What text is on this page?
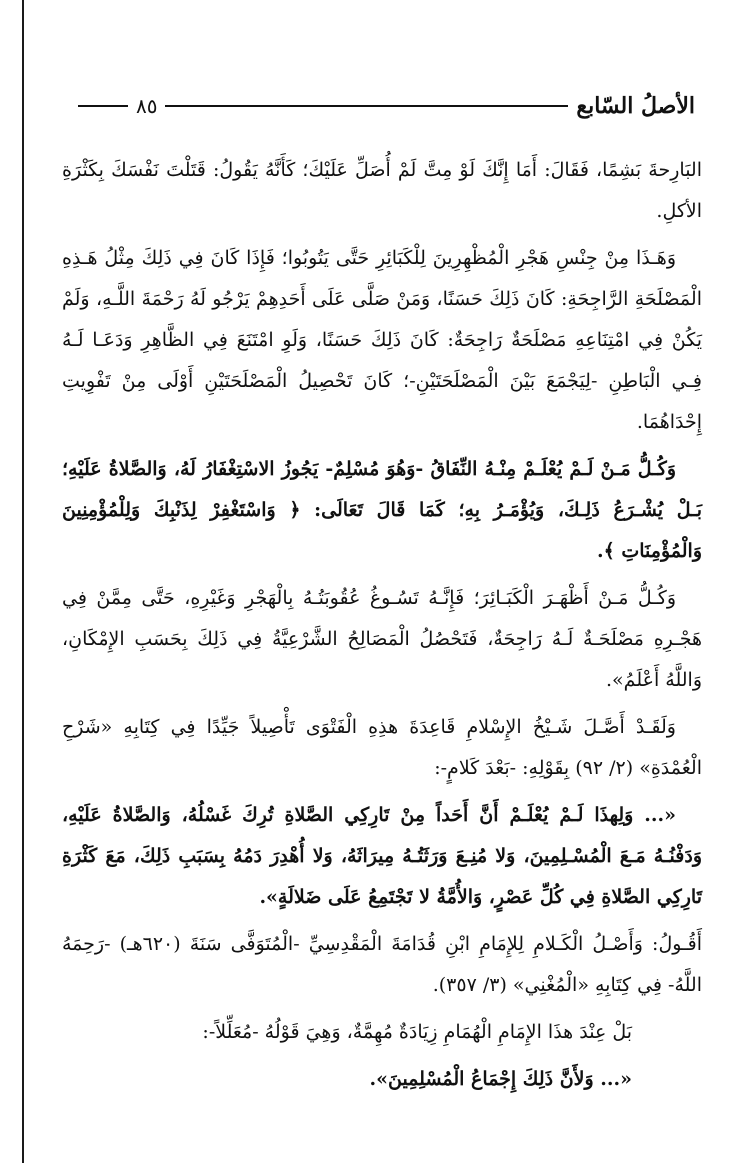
الأصلُ السّابع
٨٥

البَارِحةَ بَشِمًا، فَقَالَ: أَمَا إِنَّكَ لَوْ مِتَّ لَمْ أُصَلِّ عَلَيْكَ؛ كَأَنَّهُ يَقُولُ: قَتَلْتَ نَفْسَكَ بِكَثْرَةِ الأكلِ.

وَهَـذَا مِنْ جِنْسِ هَجْرِ الْمُظْهِرِينَ لِلْكَبَائِرِ حَتَّى يَتُوبُوا؛ فَإِذَا كَانَ فِي ذَلِكَ مِثْلُ هَـذِهِ الْمَصْلَحَةِ الرَّاجِحَةِ: كَانَ ذَلِكَ حَسَنًا، وَمَنْ صَلَّى عَلَى أَحَدِهِمْ يَرْجُو لَهُ رَحْمَةَ اللَّـهِ، وَلَمْ يَكُنْ فِي امْتِنَاعِهِ مَصْلَحَةٌ رَاجِحَةٌ: كَانَ ذَلِكَ حَسَنًا، وَلَوِ امْتَنَعَ فِي الظَّاهِرِ وَدَعَـا لَـهُ فِـي الْبَاطِنِ -لِيَجْمَعَ بَيْنَ الْمَصْلَحَتَيْنِ-؛ كَانَ تَحْصِيلُ الْمَصْلَحَتَيْنِ أَوْلَى مِنْ تَفْوِيتِ إِحْدَاهُمَا.

وَكُـلُّ مَـنْ لَـمْ يُعْلَـمْ مِنْـهُ النِّفَاقُ -وَهُوَ مُسْلِمٌ- يَجُوزُ الاسْتِغْفَارُ لَهُ، وَالصَّلاةُ عَلَيْهِ؛ بَـلْ يُشْـرَعُ ذَلِـكَ، وَيُؤْمَـرُ بِهِ؛ كَمَا قَالَ تَعَالَى: ﴿ وَاسْتَغْفِرْ لِذَنْبِكَ وَلِلْمُؤْمِنِينَ وَالْمُؤْمِنَاتِ ﴾.

وَكُـلُّ مَـنْ أَظْهَـرَ الْكَبَـائِرَ؛ فَإِنَّـهُ تَسُـوغُ عُقُوبَتُـهُ بِالْهَجْرِ وَغَيْرِهِ، حَتَّى مِمَّنْ فِي هَجْـرِهِ مَصْلَحَـةٌ لَـهُ رَاجِحَةٌ، فَتَحْصُلُ الْمَصَالِحُ الشَّرْعِيَّةُ فِي ذَلِكَ بِحَسَبِ الإِمْكَانِ، وَاللَّهُ أَعْلَمُ».

وَلَقَـدْ أَصَّـلَ شَـيْخُ الإِسْلامِ قَاعِدَةَ هذِهِ الْفَتْوَى تَأْصِيلاً جَيِّدًا فِي كِتَابِهِ «شَرْحِ الْعُمْدَةِ» (٢/ ٩٢) بِقَوْلِهِ: -بَعْدَ كَلامٍ-:

«... وَلِهذَا لَـمْ يُعْلَـمْ أَنَّ أَحَداً مِنْ تَارِكِي الصَّلاةِ تُرِكَ غَسْلُهُ، وَالصَّلاةُ عَلَيْهِ، وَدَفْنُـهُ مَـعَ الْمُسْـلِمِينَ، وَلا مُنِـعَ وَرَثَتُـهُ مِيرَاثَهُ، وَلا أُهْدِرَ دَمُهُ بِسَبَبِ ذَلِكَ، مَعَ كَثْرَةِ تَارِكِي الصَّلاةِ فِي كُلِّ عَصْرٍ، وَالأُمَّةُ لا تَجْتَمِعُ عَلَى ضَلالَةٍ».

أَقُـولُ: وَأَصْـلُ الْكَـلامِ لِلإِمَامِ ابْنِ قُدَامَةَ الْمَقْدِسِيِّ -الْمُتَوَفَّى سَنَةَ (٦٢٠هـ) -رَحِمَهُ اللَّهُ- فِي كِتَابِهِ «الْمُغْنِي» (٣/ ٣٥٧).

بَلْ عِنْدَ هذَا الإِمَامِ الْهُمَامِ زِيَادَةٌ مُهِمَّةٌ، وَهِيَ قَوْلُهُ -مُعَلِّلاً-:

«... وَلأَنَّ ذَلِكَ إِجْمَاعُ الْمُسْلِمِينَ».
